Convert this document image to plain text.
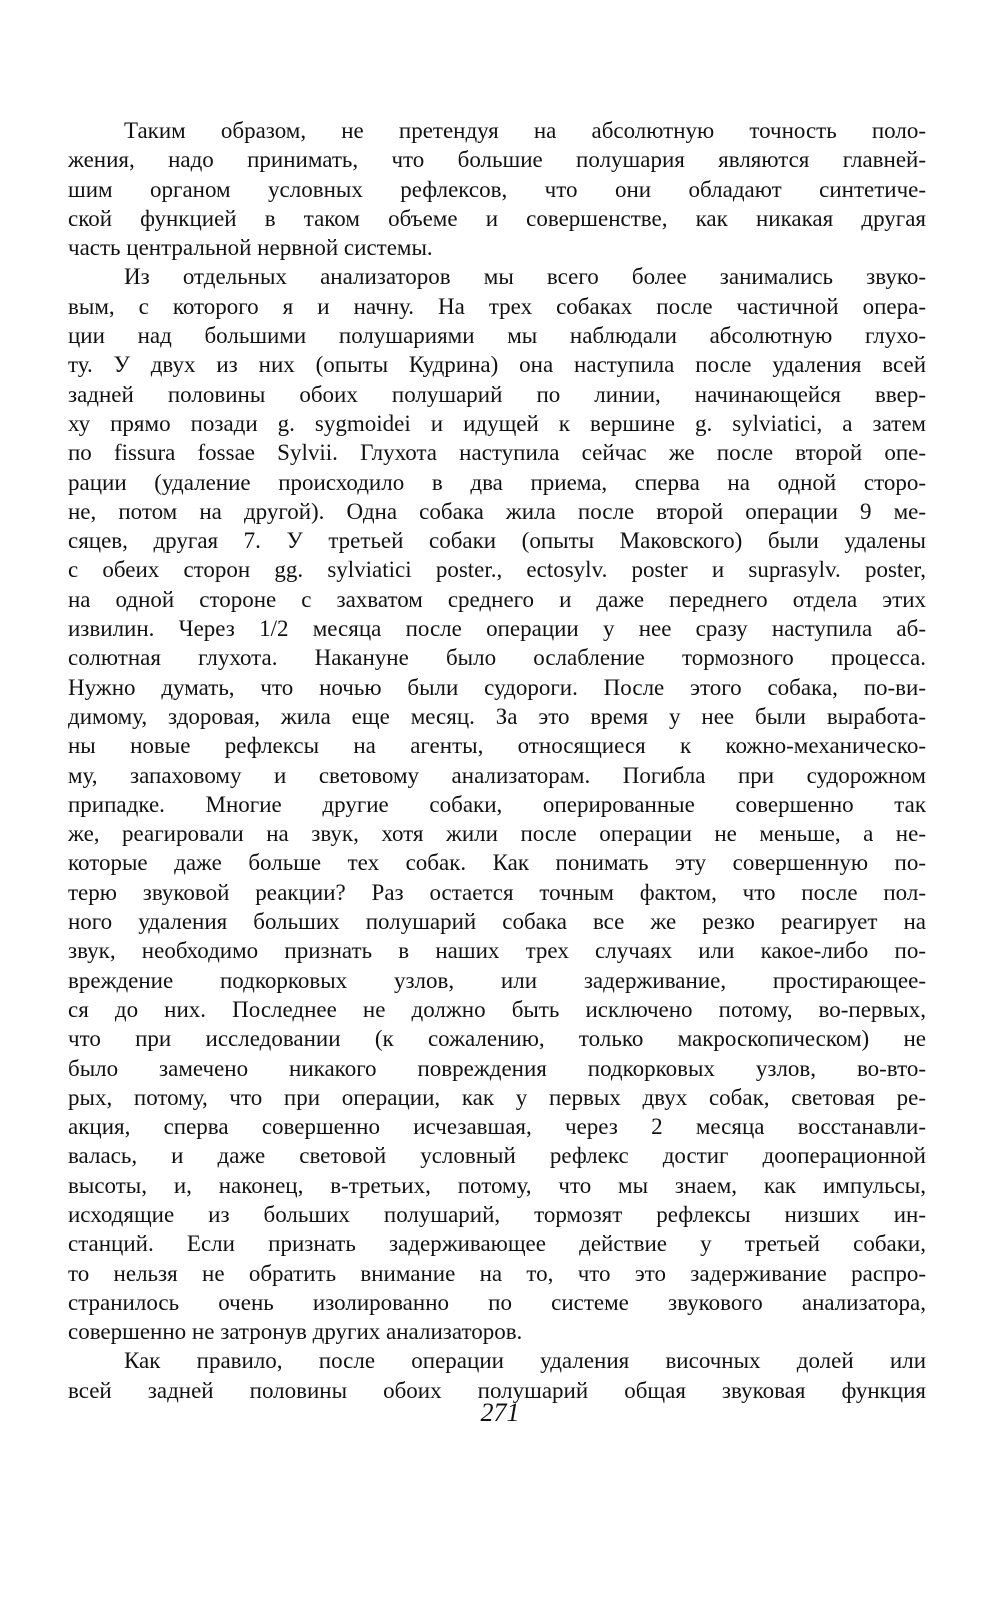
Таким образом, не претендуя на абсолютную точность поло-
жения, надо принимать, что большие полушария являются главней-
шим органом условных рефлексов, что они обладают синтетиче-
ской функцией в таком объеме и совершенстве, как никакая другая
часть центральной нервной системы.
Из отдельных анализаторов мы всего более занимались звуко-
вым, с которого я и начну. На трех собаках после частичной опера-
ции над большими полушариями мы наблюдали абсолютную глухо-
ту. У двух из них (опыты Кудрина) она наступила после удаления всей
задней половины обоих полушарий по линии, начинающейся ввер-
ху прямо позади g. sygmoidei и идущей к вершине g. sylviatici, а затем
по fissura fossae Sylvii. Глухота наступила сейчас же после второй опе-
рации (удаление происходило в два приема, сперва на одной сторо-
не, потом на другой). Одна собака жила после второй операции 9 ме-
сяцев, другая 7. У третьей собаки (опыты Маковского) были удалены
с обеих сторон gg. sylviatici poster., ectosylv. poster и suprasylv. poster,
на одной стороне с захватом среднего и даже переднего отдела этих
извилин. Через 1/2 месяца после операции у нее сразу наступила аб-
солютная глухота. Накануне было ослабление тормозного процесса.
Нужно думать, что ночью были судороги. После этого собака, по-ви-
димому, здоровая, жила еще месяц. За это время у нее были выработа-
ны новые рефлексы на агенты, относящиеся к кожно-механическо-
му, запаховому и световому анализаторам. Погибла при судорожном
припадке. Многие другие собаки, оперированные совершенно так
же, реагировали на звук, хотя жили после операции не меньше, а не-
которые даже больше тех собак. Как понимать эту совершенную по-
терю звуковой реакции? Раз остается точным фактом, что после пол-
ного удаления больших полушарий собака все же резко реагирует на
звук, необходимо признать в наших трех случаях или какое-либо по-
вреждение подкорковых узлов, или задерживание, простирающее-
ся до них. Последнее не должно быть исключено потому, во-первых,
что при исследовании (к сожалению, только макроскопическом) не
было замечено никакого повреждения подкорковых узлов, во-вто-
рых, потому, что при операции, как у первых двух собак, световая ре-
акция, сперва совершенно исчезавшая, через 2 месяца восстанавли-
валась, и даже световой условный рефлекс достиг дооперационной
высоты, и, наконец, в-третьих, потому, что мы знаем, как импульсы,
исходящие из больших полушарий, тормозят рефлексы низших ин-
станций. Если признать задерживающее действие у третьей собаки,
то нельзя не обратить внимание на то, что это задерживание распро-
странилось очень изолированно по системе звукового анализатора,
совершенно не затронув других анализаторов.
Как правило, после операции удаления височных долей или
всей задней половины обоих полушарий общая звуковая функция
271
